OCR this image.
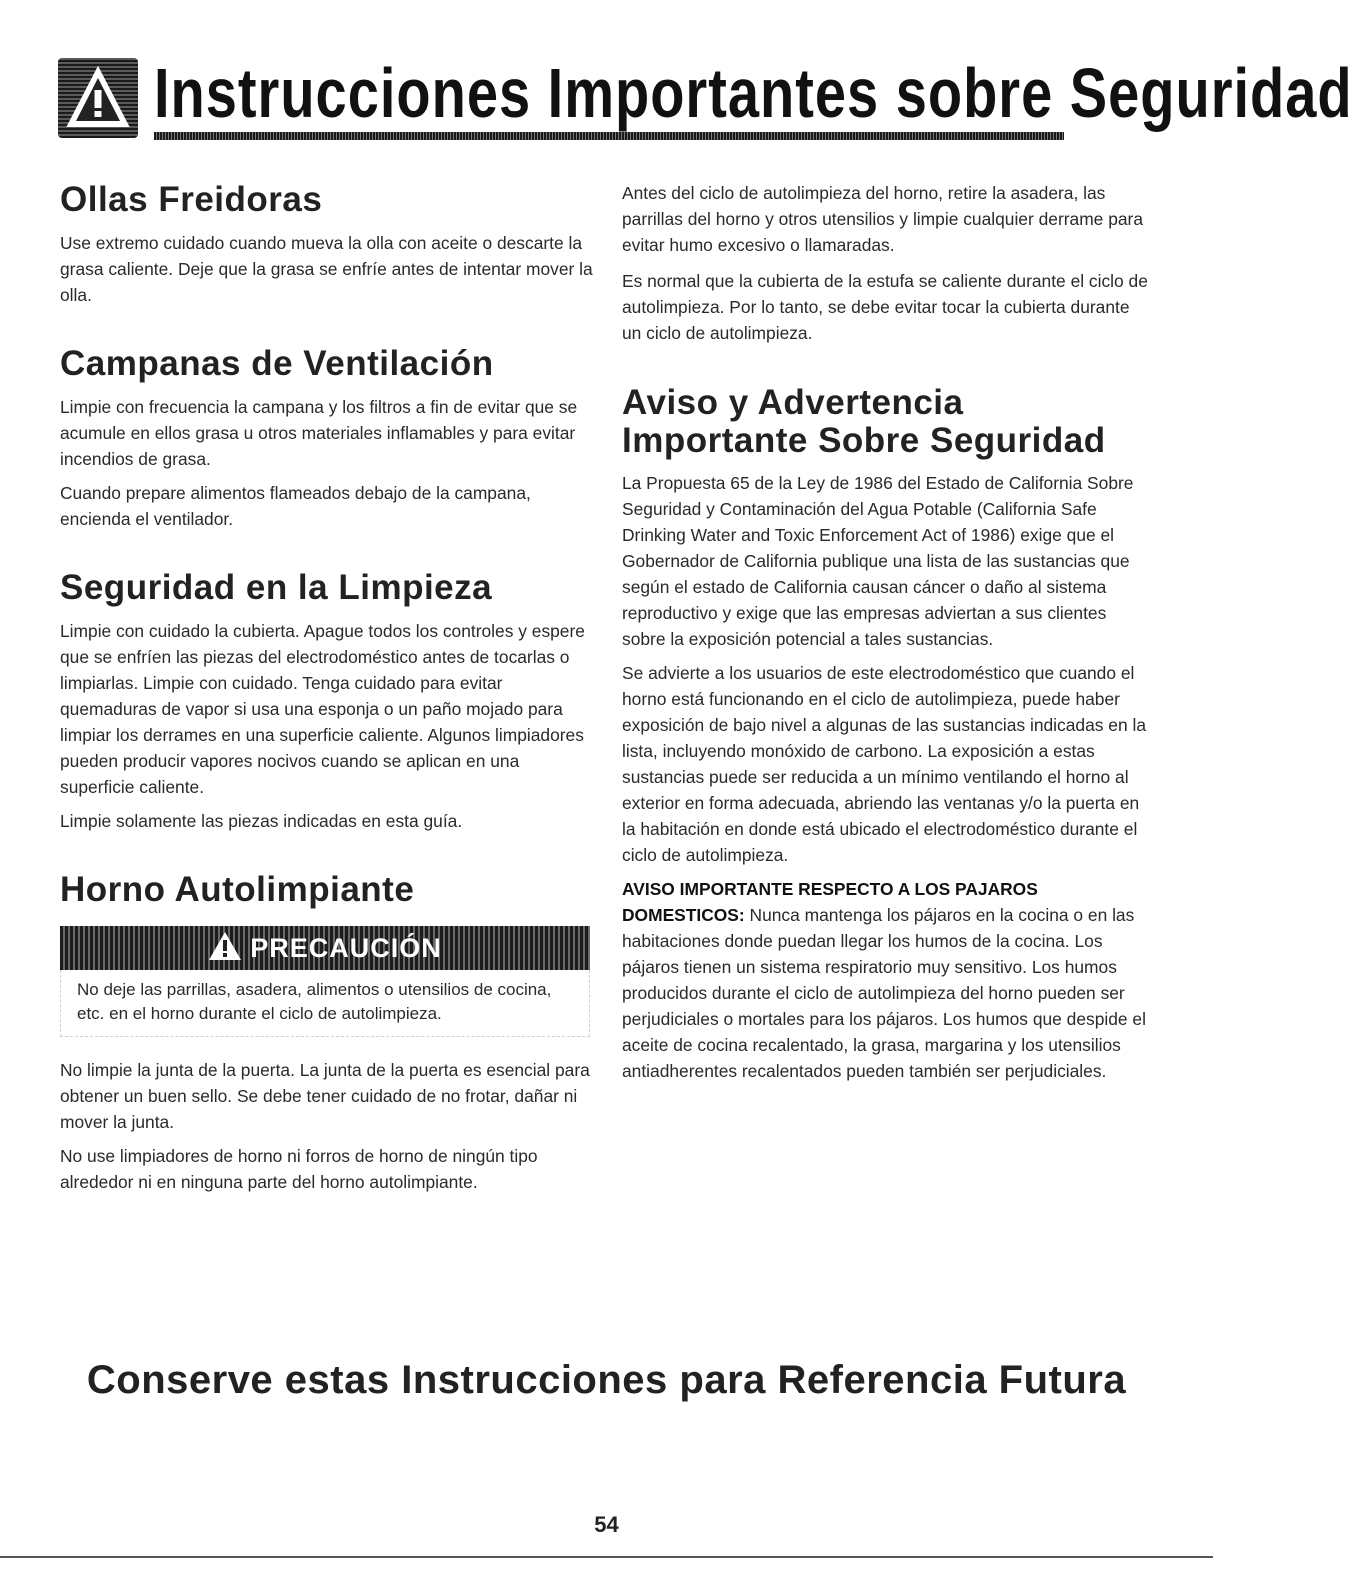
Instrucciones Importantes sobre Seguridad
Ollas Freidoras

Use extremo cuidado cuando mueva la olla con aceite o descarte la grasa caliente. Deje que la grasa se enfríe antes de intentar mover la olla.

Campanas de Ventilación

Limpie con frecuencia la campana y los filtros a fin de evitar que se acumule en ellos grasa u otros materiales inflamables y para evitar incendios de grasa.

Cuando prepare alimentos flameados debajo de la campana, encienda el ventilador.

Seguridad en la Limpieza

Limpie con cuidado la cubierta. Apague todos los controles y espere que se enfríen las piezas del electrodoméstico antes de tocarlas o limpiarlas. Limpie con cuidado. Tenga cuidado para evitar quemaduras de vapor si usa una esponja o un paño mojado para limpiar los derrames en una superficie caliente. Algunos limpiadores pueden producir vapores nocivos cuando se aplican en una superficie caliente.

Limpie solamente las piezas indicadas en esta guía.

Horno Autolimpiante
PRECAUCIÓN
No deje las parrillas, asadera, alimentos o utensilios de cocina, etc. en el horno durante el ciclo de autolimpieza.

No limpie la junta de la puerta. La junta de la puerta es esencial para obtener un buen sello. Se debe tener cuidado de no frotar, dañar ni mover la junta.

No use limpiadores de horno ni forros de horno de ningún tipo alrededor ni en ninguna parte del horno autolimpiante.

Antes del ciclo de autolimpieza del horno, retire la asadera, las parrillas del horno y otros utensilios y limpie cualquier derrame para evitar humo excesivo o llamaradas.

Es normal que la cubierta de la estufa se caliente durante el ciclo de autolimpieza. Por lo tanto, se debe evitar tocar la cubierta durante un ciclo de autolimpieza.

Aviso y Advertencia
Importante Sobre Seguridad

La Propuesta 65 de la Ley de 1986 del Estado de California Sobre Seguridad y Contaminación del Agua Potable (California Safe Drinking Water and Toxic Enforcement Act of 1986) exige que el Gobernador de California publique una lista de las sustancias que según el estado de California causan cáncer o daño al sistema reproductivo y exige que las empresas adviertan a sus clientes sobre la exposición potencial a tales sustancias.

Se advierte a los usuarios de este electrodoméstico que cuando el horno está funcionando en el ciclo de autolimpieza, puede haber exposición de bajo nivel a algunas de las sustancias indicadas en la lista, incluyendo monóxido de carbono. La exposición a estas sustancias puede ser reducida a un mínimo ventilando el horno al exterior en forma adecuada, abriendo las ventanas y/o la puerta en la habitación en donde está ubicado el electrodoméstico durante el ciclo de autolimpieza.

AVISO IMPORTANTE RESPECTO A LOS PAJAROS DOMESTICOS: Nunca mantenga los pájaros en la cocina o en las habitaciones donde puedan llegar los humos de la cocina. Los pájaros tienen un sistema respiratorio muy sensitivo. Los humos producidos durante el ciclo de autolimpieza del horno pueden ser perjudiciales o mortales para los pájaros. Los humos que despide el aceite de cocina recalentado, la grasa, margarina y los utensilios antiadherentes recalentados pueden también ser perjudiciales.

Conserve estas Instrucciones para Referencia Futura
54
